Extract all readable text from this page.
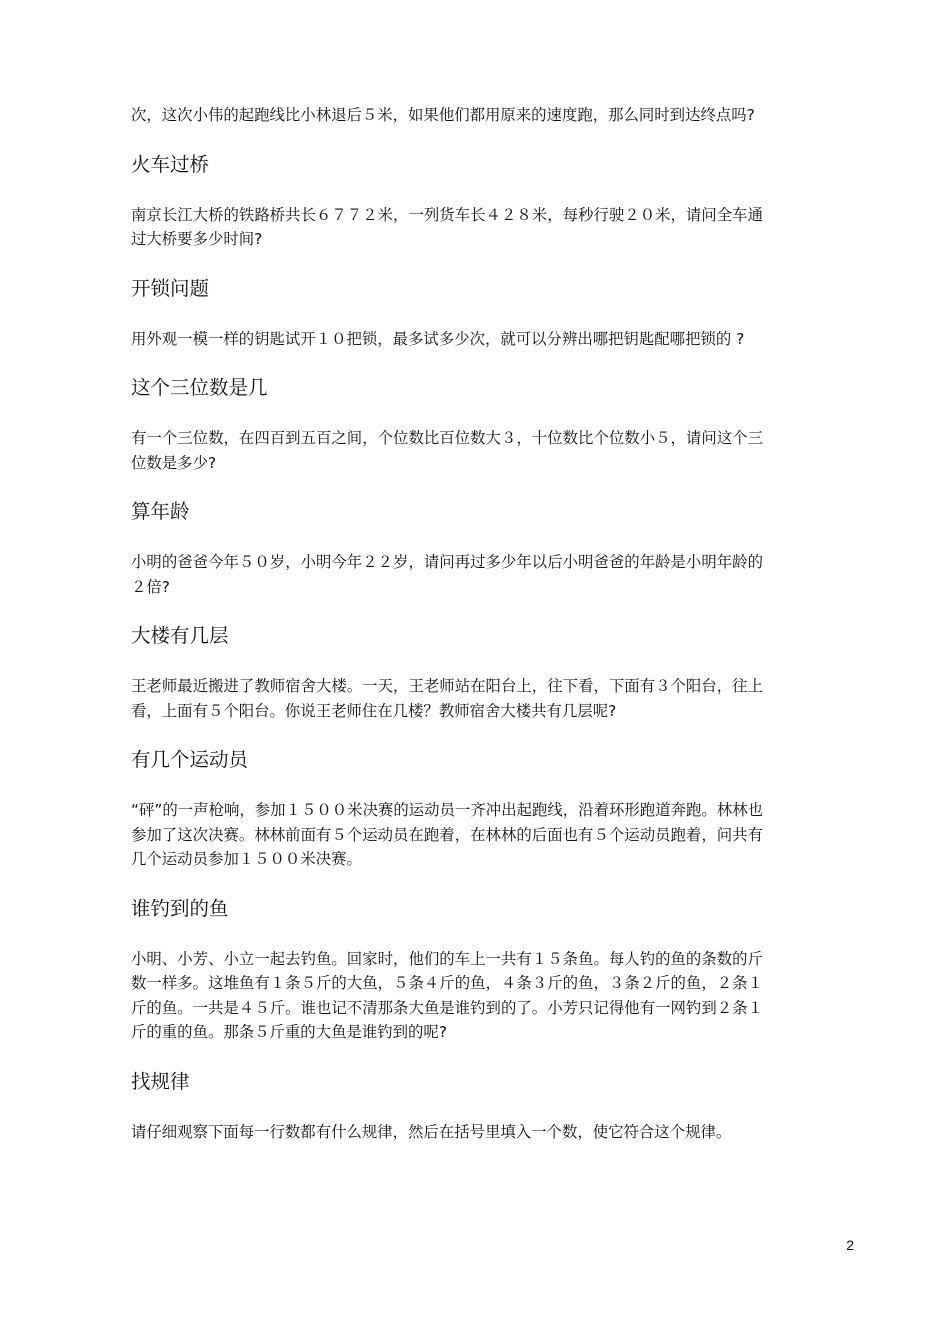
次，这次小伟的起跑线比小林退后５米，如果他们都用原来的速度跑，那么同时到达终点吗?

火车过桥

南京长江大桥的铁路桥共长６７７２米，一列货车长４２８米，每秒行驶２０米，请问全车通过大桥要多少时间?

开锁问题

用外观一模一样的钥匙试开１０把锁，最多试多少次，就可以分辨出哪把钥匙配哪把锁的 ?

这个三位数是几

有一个三位数，在四百到五百之间，个位数比百位数大３，十位数比个位数小５，请问这个三位数是多少?

算年龄

小明的爸爸今年５０岁，小明今年２２岁，请问再过多少年以后小明爸爸的年龄是小明年龄的２倍?

大楼有几层

王老师最近搬进了教师宿舍大楼。一天，王老师站在阳台上，往下看，下面有３个阳台，往上看，上面有５个阳台。你说王老师住在几楼？教师宿舍大楼共有几层呢?

有几个运动员

“砰”的一声枪响，参加１５００米决赛的运动员一齐冲出起跑线，沿着环形跑道奔跑。林林也参加了这次决赛。林林前面有５个运动员在跑着，在林林的后面也有５个运动员跑着，问共有几个运动员参加１５００米决赛。

谁钓到的鱼

小明、小芳、小立一起去钓鱼。回家时，他们的车上一共有１５条鱼。每人钓的鱼的条数的斤数一样多。这堆鱼有１条５斤的大鱼，５条４斤的鱼，４条３斤的鱼，３条２斤的鱼，２条１斤的鱼。一共是４５斤。谁也记不清那条大鱼是谁钓到的了。小芳只记得他有一网钓到２条１斤的重的鱼。那条５斤重的大鱼是谁钓到的呢?

找规律

请仔细观察下面每一行数都有什么规律，然后在括号里填入一个数，使它符合这个规律。

2
